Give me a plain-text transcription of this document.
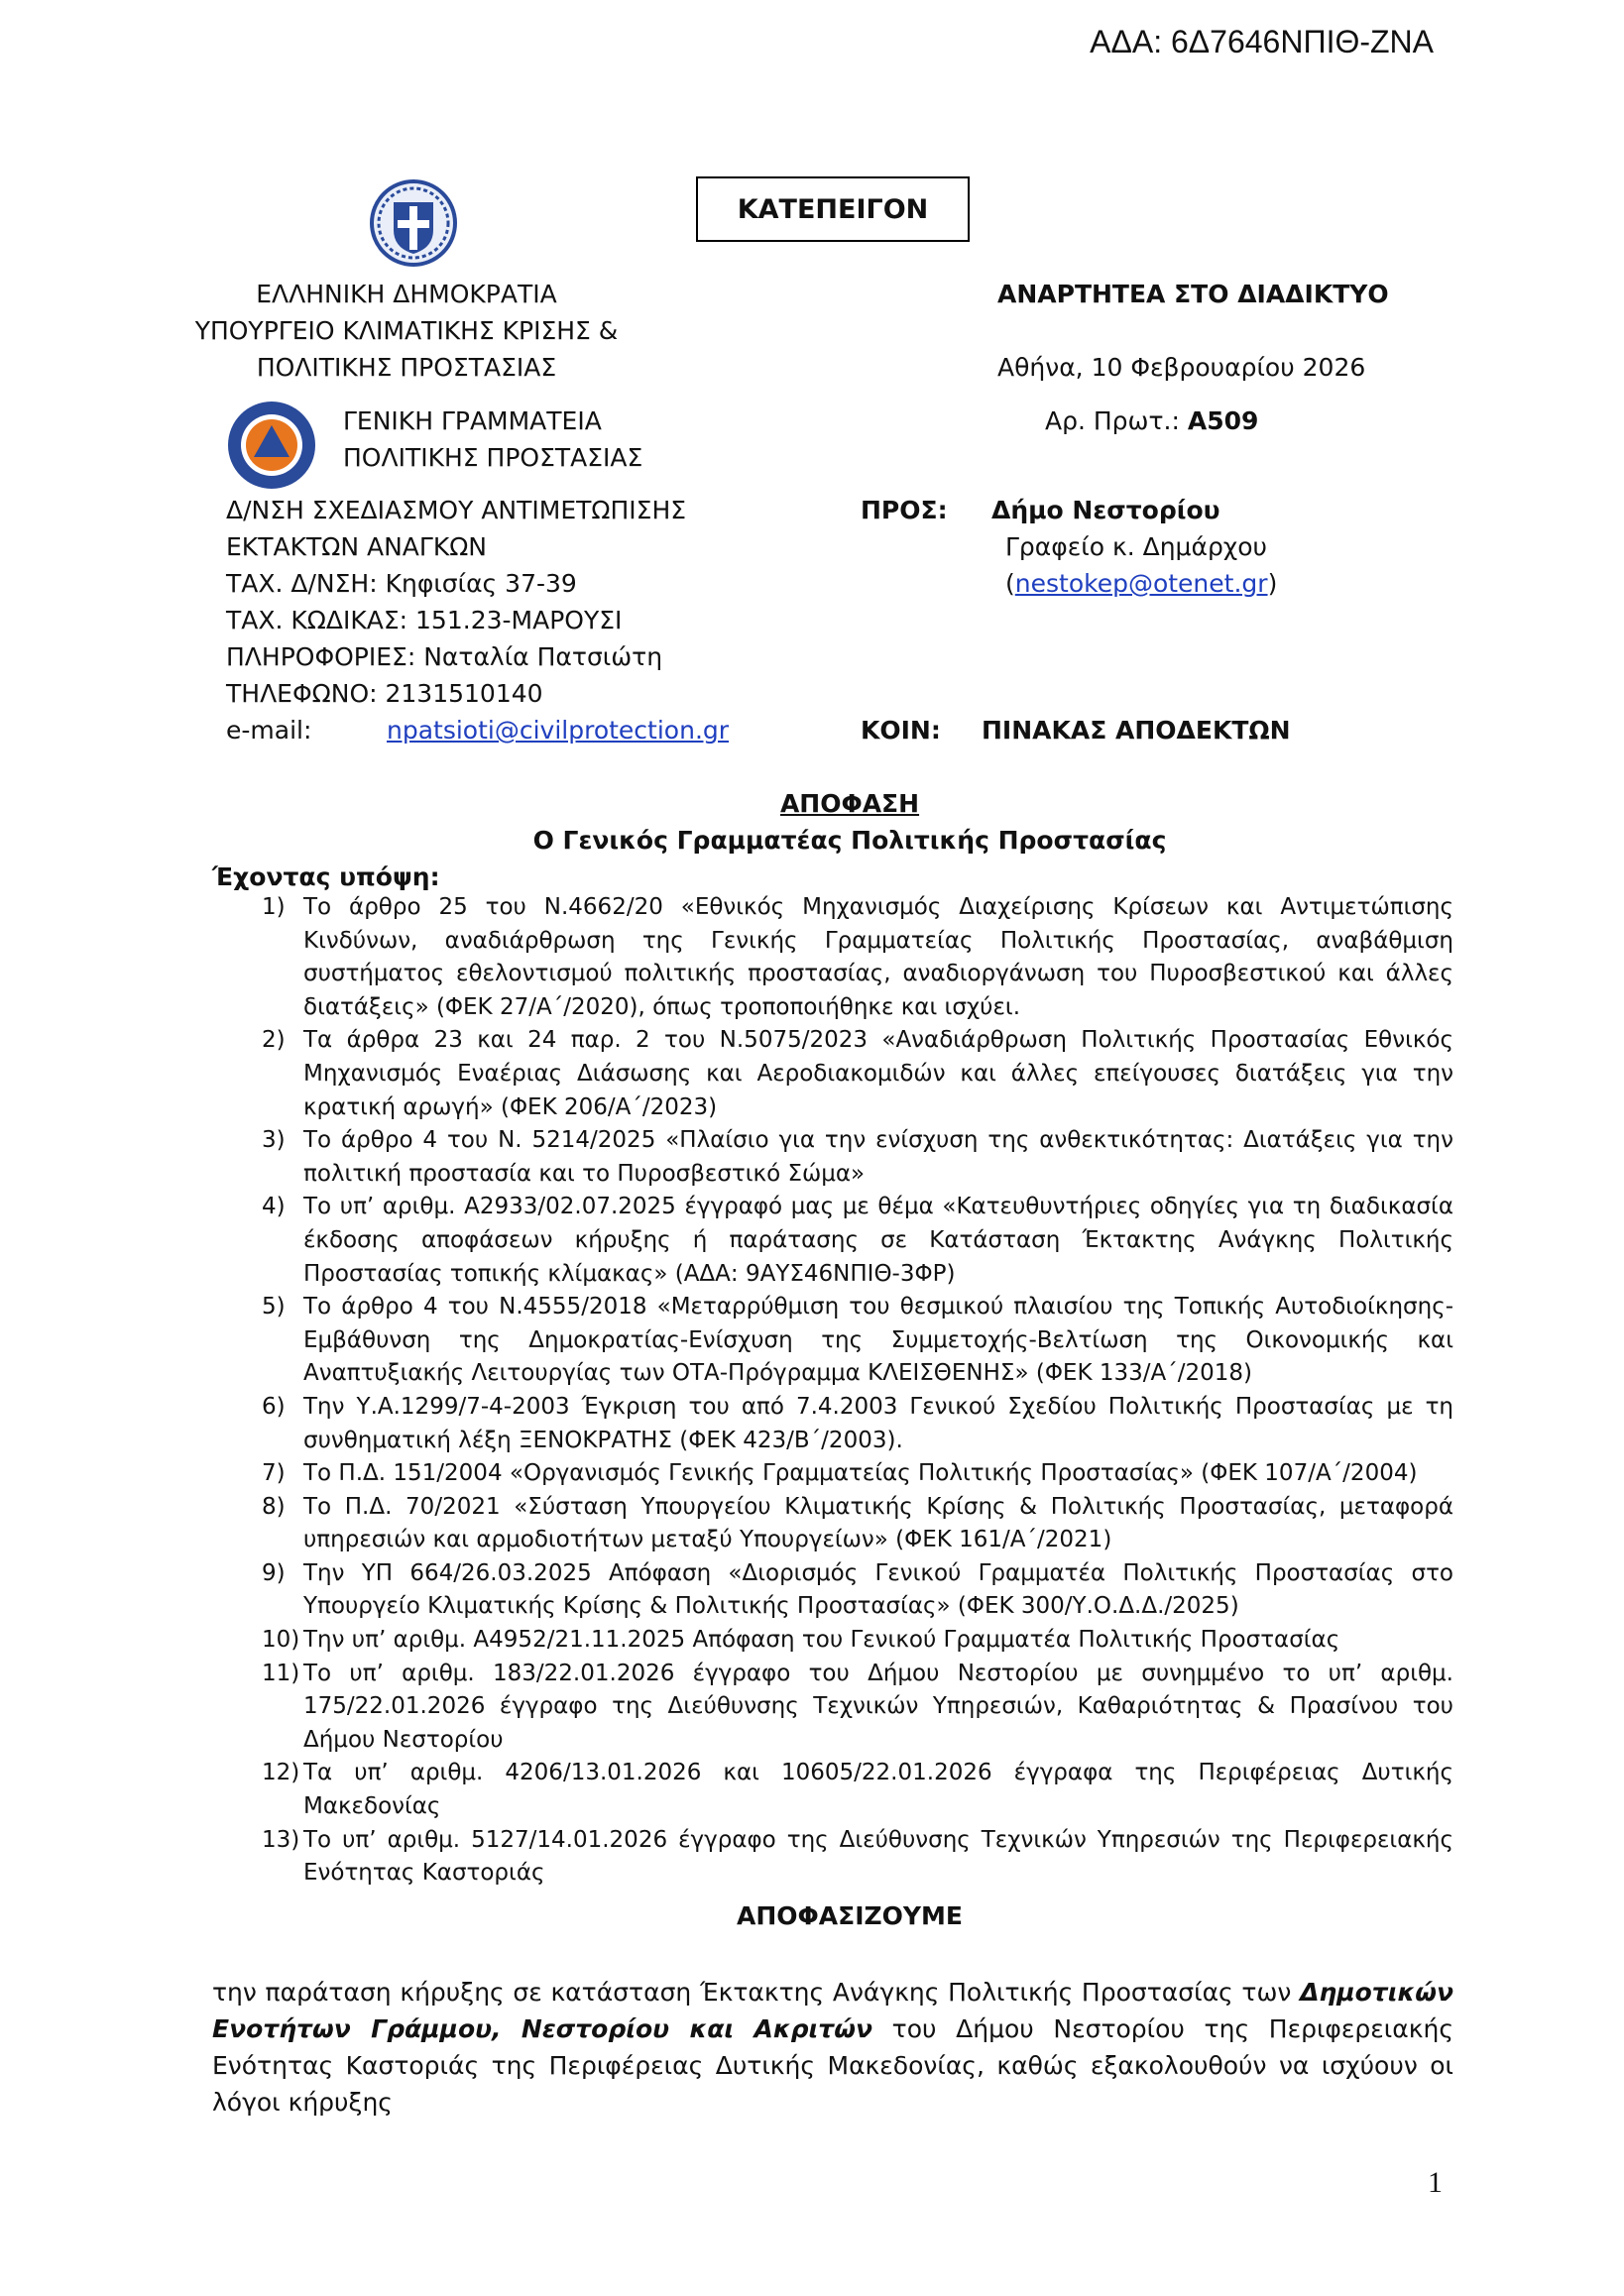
ΑΔΑ: 6Δ7646ΝΠΙΘ-ΖΝΑ
ΚΑΤΕΠΕΙΓΟΝ
ΕΛΛΗΝΙΚΗ ΔΗΜΟΚΡΑΤΙΑ
ΥΠΟΥΡΓΕΙΟ ΚΛΙΜΑΤΙΚΗΣ ΚΡΙΣΗΣ &
ΠΟΛΙΤΙΚΗΣ ΠΡΟΣΤΑΣΙΑΣ
ΓΕΝΙΚΗ ΓΡΑΜΜΑΤΕΙΑ
ΠΟΛΙΤΙΚΗΣ ΠΡΟΣΤΑΣΙΑΣ
ΑΝΑΡΤΗΤΕΑ ΣΤΟ ΔΙΑΔΙΚΤΥΟ
Αθήνα, 10 Φεβρουαρίου 2026
Αρ. Πρωτ.: Α509
Δ/ΝΣΗ ΣΧΕΔΙΑΣΜΟΥ ΑΝΤΙΜΕΤΩΠΙΣΗΣ
ΕΚΤΑΚΤΩΝ ΑΝΑΓΚΩΝ
ΤΑΧ. Δ/ΝΣΗ: Κηφισίας 37-39
ΤΑΧ. ΚΩΔΙΚΑΣ: 151.23-ΜΑΡΟΥΣΙ
ΠΛΗΡΟΦΟΡΙΕΣ: Ναταλία Πατσιώτη
ΤΗΛΕΦΩΝΟ: 2131510140
e-mail:	npatsioti@civilprotection.gr
ΠΡΟΣ: Δήμο Νεστορίου
Γραφείο κ. Δημάρχου
(nestokep@otenet.gr)
ΚΟΙΝ: ΠΙΝΑΚΑΣ ΑΠΟΔΕΚΤΩΝ
ΑΠΟΦΑΣΗ
Ο Γενικός Γραμματέας Πολιτικής Προστασίας
Έχοντας υπόψη:
1) Το άρθρο 25 του Ν.4662/20 «Εθνικός Μηχανισμός Διαχείρισης Κρίσεων και Αντιμετώπισης Κινδύνων, αναδιάρθρωση της Γενικής Γραμματείας Πολιτικής Προστασίας, αναβάθμιση συστήματος εθελοντισμού πολιτικής προστασίας, αναδιοργάνωση του Πυροσβεστικού και άλλες διατάξεις» (ΦΕΚ 27/Α΄/2020), όπως τροποποιήθηκε και ισχύει.
2) Τα άρθρα 23 και 24 παρ. 2 του Ν.5075/2023 «Αναδιάρθρωση Πολιτικής Προστασίας Εθνικός Μηχανισμός Εναέριας Διάσωσης και Αεροδιακομιδών και άλλες επείγουσες διατάξεις για την κρατική αρωγή» (ΦΕΚ 206/Α΄/2023)
3) Το άρθρο 4 του Ν. 5214/2025 «Πλαίσιο για την ενίσχυση της ανθεκτικότητας: Διατάξεις για την πολιτική προστασία και το Πυροσβεστικό Σώμα»
4) Το υπ’ αριθμ. Α2933/02.07.2025 έγγραφό μας με θέμα «Κατευθυντήριες οδηγίες για τη διαδικασία έκδοσης αποφάσεων κήρυξης ή παράτασης σε Κατάσταση Έκτακτης Ανάγκης Πολιτικής Προστασίας τοπικής κλίμακας» (ΑΔΑ: 9ΑΥΣ46ΝΠΙΘ-3ΦΡ)
5) Το άρθρο 4 του Ν.4555/2018 «Μεταρρύθμιση του θεσμικού πλαισίου της Τοπικής Αυτοδιοίκησης-Εμβάθυνση της Δημοκρατίας-Ενίσχυση της Συμμετοχής-Βελτίωση της Οικονομικής και Αναπτυξιακής Λειτουργίας των ΟΤΑ-Πρόγραμμα ΚΛΕΙΣΘΕΝΗΣ» (ΦΕΚ 133/Α΄/2018)
6) Την Υ.Α.1299/7-4-2003 Έγκριση του από 7.4.2003 Γενικού Σχεδίου Πολιτικής Προστασίας με τη συνθηματική λέξη ΞΕΝΟΚΡΑΤΗΣ (ΦΕΚ 423/Β΄/2003).
7) Το Π.Δ. 151/2004 «Οργανισμός Γενικής Γραμματείας Πολιτικής Προστασίας» (ΦΕΚ 107/Α΄/2004)
8) Το Π.Δ. 70/2021 «Σύσταση Υπουργείου Κλιματικής Κρίσης & Πολιτικής Προστασίας, μεταφορά υπηρεσιών και αρμοδιοτήτων μεταξύ Υπουργείων» (ΦΕΚ 161/Α΄/2021)
9) Την ΥΠ 664/26.03.2025 Απόφαση «Διορισμός Γενικού Γραμματέα Πολιτικής Προστασίας στο Υπουργείο Κλιματικής Κρίσης & Πολιτικής Προστασίας» (ΦΕΚ 300/Υ.Ο.Δ.Δ./2025)
10) Την υπ’ αριθμ. Α4952/21.11.2025 Απόφαση του Γενικού Γραμματέα Πολιτικής Προστασίας
11) Το υπ’ αριθμ. 183/22.01.2026 έγγραφο του Δήμου Νεστορίου με συνημμένο το υπ’ αριθμ. 175/22.01.2026 έγγραφο της Διεύθυνσης Τεχνικών Υπηρεσιών, Καθαριότητας & Πρασίνου του Δήμου Νεστορίου
12) Τα υπ’ αριθμ. 4206/13.01.2026 και 10605/22.01.2026 έγγραφα της Περιφέρειας Δυτικής Μακεδονίας
13) Το υπ’ αριθμ. 5127/14.01.2026 έγγραφο της Διεύθυνσης Τεχνικών Υπηρεσιών της Περιφερειακής Ενότητας Καστοριάς
ΑΠΟΦΑΣΙΖΟΥΜΕ
την παράταση κήρυξης σε κατάσταση Έκτακτης Ανάγκης Πολιτικής Προστασίας των Δημοτικών Ενοτήτων Γράμμου, Νεστορίου και Ακριτών του Δήμου Νεστορίου της Περιφερειακής Ενότητας Καστοριάς της Περιφέρειας Δυτικής Μακεδονίας, καθώς εξακολουθούν να ισχύουν οι λόγοι κήρυξης
1
